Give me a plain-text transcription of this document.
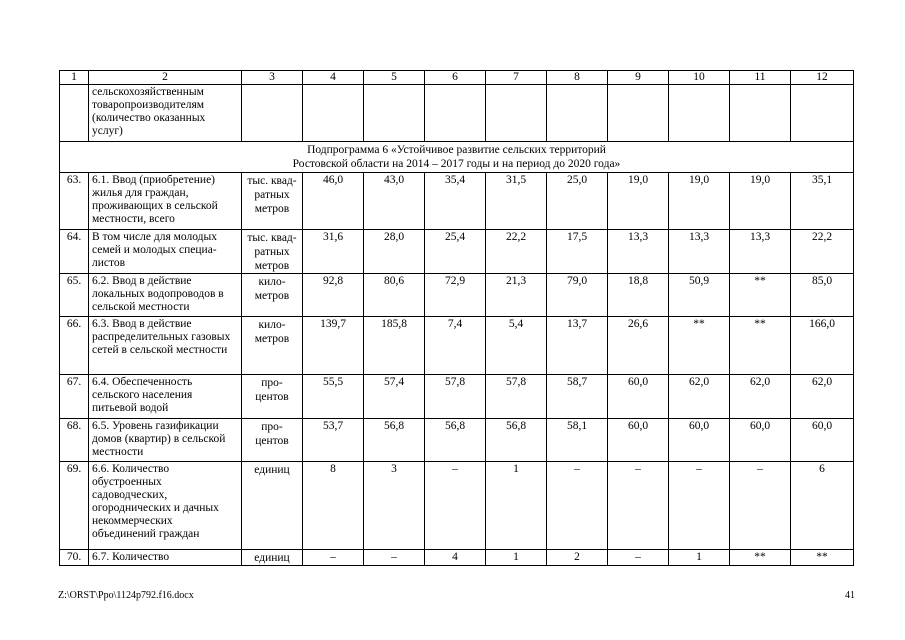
1	2	3	4	5	6	7	8	9	10	11	12
	сельскохозяйственным товаропроизводителям (количество оказанных услуг)										

Подпрограмма 6 «Устойчивое развитие сельских территорий
Ростовской области на 2014 – 2017 годы и на период до 2020 года»											

63.	6.1. Ввод (приобретение) жилья для граждан, проживающих в сельской местности, всего	тыс. квад-ратных метров	46,0	43,0	35,4	31,5	25,0	19,0	19,0	19,0	35,1
64.	В том числе для молодых семей и молодых специа-листов	тыс. квад-ратных метров	31,6	28,0	25,4	22,2	17,5	13,3	13,3	13,3	22,2
65.	6.2. Ввод в действие локальных водопроводов в сельской местности	кило-метров	92,8	80,6	72,9	21,3	79,0	18,8	50,9	**	85,0
66.	6.3. Ввод в действие распределительных газовых сетей в сельской местности	кило-метров	139,7	185,8	7,4	5,4	13,7	26,6	**	**	166,0
67.	6.4. Обеспеченность сельского населения питьевой водой	про-центов	55,5	57,4	57,8	57,8	58,7	60,0	62,0	62,0	62,0
68.	6.5. Уровень газификации домов (квартир) в сельской местности	про-центов	53,7	56,8	56,8	56,8	58,1	60,0	60,0	60,0	60,0
69.	6.6. Количество обустроенных садоводческих, огороднических и дачных некоммерческих объединений граждан	единиц	8	3	–	1	–	–	–	–	6
70.	6.7. Количество	единиц	–	–	4	1	2	–	1	**	**
Z:\ORST\Ppo\1124p792.f16.docx	41
